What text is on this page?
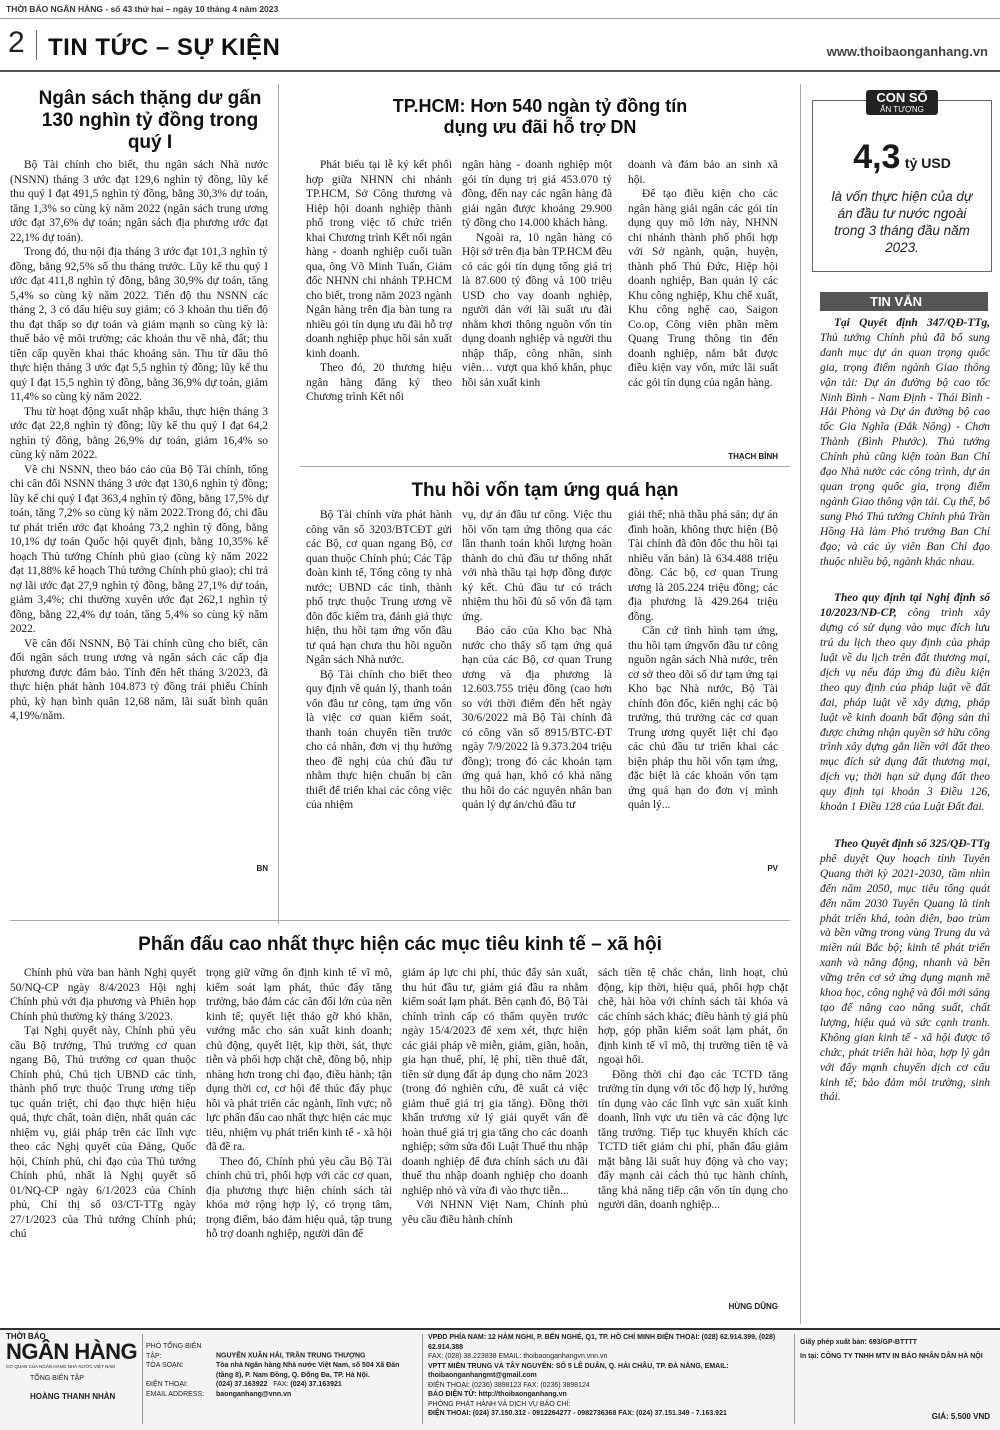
THỜI BÁO NGÂN HÀNG - số 43 thứ hai – ngày 10 tháng 4 năm 2023
2 TIN TỨC – SỰ KIỆN	www.thoibaonganhang.vn
Ngân sách thặng dư gấn 130 nghìn tỷ đồng trong quý I

Bộ Tài chính cho biết, thu ngân sách Nhà nước (NSNN) tháng 3 ước đạt 129,6 nghìn tỷ đồng, lũy kế thu quý I đạt 491,5 nghìn tỷ đồng, bằng 30,3% dự toán, tăng 1,3% so cùng kỳ năm 2022 (ngân sách trung ương ước đạt 37,6% dự toán; ngân sách địa phương ước đạt 22,1% dự toán).

Trong đó, thu nội địa tháng 3 ước đạt 101,3 nghìn tỷ đồng, bằng 92,5% số thu tháng trước. Lũy kế thu quý I ước đạt 411,8 nghìn tỷ đồng, bằng 30,9% dự toán, tăng 5,4% so cùng kỳ năm 2022. Tiến độ thu NSNN các tháng 2, 3 có dấu hiệu suy giảm; có 3 khoản thu tiến độ thu đạt thấp so dự toán và giảm mạnh so cùng kỳ là: thuế bảo vệ môi trường; các khoản thu về nhà, đất; thu tiền cấp quyền khai thác khoáng sản. Thu từ dầu thô thực hiện tháng 3 ước đạt 5,5 nghìn tỷ đồng; lũy kế thu quý I đạt 15,5 nghìn tỷ đồng, bằng 36,9% dự toán, giảm 11,4% so cùng kỳ năm 2022.

Thu từ hoạt động xuất nhập khẩu, thực hiện tháng 3 ước đạt 22,8 nghìn tỷ đồng; lũy kế thu quý I đạt 64,2 nghìn tỷ đồng, bằng 26,9% dự toán, giảm 16,4% so cùng kỳ năm 2022.

Về chi NSNN, theo báo cáo của Bộ Tài chính, tổng chi cân đối NSNN tháng 3 ước đạt 130,6 nghìn tỷ đồng; lũy kế chi quý I đạt 363,4 nghìn tỷ đồng, bằng 17,5% dự toán, tăng 7,2% so cùng kỳ năm 2022.Trong đó, chi đầu tư phát triển ước đạt khoảng 73,2 nghìn tỷ đồng, bằng 10,1% dự toán Quốc hội quyết định, bằng 10,35% kế hoạch Thủ tướng Chính phủ giao (cùng kỳ năm 2022 đạt 11,88% kế hoạch Thủ tướng Chính phủ giao); chi trả nợ lãi ước đạt 27,9 nghìn tỷ đồng, bằng 27,1% dự toán, giảm 3,4%; chi thường xuyên ước đạt 262,1 nghìn tỷ đồng, bằng 22,4% dự toán, tăng 5,4% so cùng kỳ năm 2022.

Về cân đối NSNN, Bộ Tài chính cũng cho biết, cân đối ngân sách trung ương và ngân sách các cấp địa phương được đảm bảo. Tính đến hết tháng 3/2023, đã thực hiện phát hành 104.873 tỷ đồng trái phiếu Chính phủ, kỳ hạn bình quân 12,68 năm, lãi suất bình quân 4,19%/năm.

BN
TP.HCM: Hơn 540 ngàn tỷ đồng tín dụng ưu đãi hỗ trợ DN

Phát biểu tại lễ ký kết phối hợp giữa NHNN chi nhánh TP.HCM, Sở Công thương và Hiệp hội doanh nghiệp thành phố trong việc tổ chức triển khai Chương trình Kết nối ngân hàng - doanh nghiệp cuối tuần qua, ông Võ Minh Tuấn, Giám đốc NHNN chi nhánh TP.HCM cho biết, trong năm 2023 ngành Ngân hàng trên địa bàn tung ra nhiều gói tín dụng ưu đãi hỗ trợ doanh nghiệp phục hồi sản xuất kinh doanh.

Theo đó, 20 thương hiệu ngân hàng đăng ký theo Chương trình Kết nối

ngân hàng - doanh nghiệp một gói tín dụng trị giá 453.070 tỷ đồng, đến nay các ngân hàng đã giải ngân được khoảng 29.900 tỷ đồng cho 14.000 khách hàng.

Ngoài ra, 10 ngân hàng có Hội sở trên địa bàn TP.HCM đều có các gói tín dụng tổng giá trị là 87.600 tỷ đồng và 100 triệu USD cho vay doanh nghiệp, người dân với lãi suất ưu đãi nhằm khơi thông nguồn vốn tín dụng doanh nghiệp và người thu nhập thấp, công nhân, sinh viên… vượt qua khó khăn, phục hồi sản xuất kinh

doanh và đảm bảo an sinh xã hội.

Để tạo điều kiện cho các ngân hàng giải ngân các gói tín dụng quy mô lớn này, NHNN chi nhánh thành phố phối hợp với Sở ngành, quận, huyện, thành phố Thủ Đức, Hiệp hội doanh nghiệp, Ban quản lý các Khu công nghiệp, Khu chế xuất, Khu công nghệ cao, Saigon Co.op, Công viên phần mềm Quang Trung thông tin đến doanh nghiệp, nắm bắt được điều kiện vay vốn, mức lãi suất các gói tín dụng của ngân hàng.

THẠCH BÌNH
CON SỐ
ẤN TƯỢNG
4,3 tỷ USD
là vốn thực hiện của dự án đầu tư nước ngoài trong 3 tháng đầu năm 2023.
Thu hồi vốn tạm ứng quá hạn

Bộ Tài chính vừa phát hành công văn số 3203/BTCĐT gửi các Bộ, cơ quan ngang Bộ, cơ quan thuộc Chính phủ; Các Tập đoàn kinh tế, Tổng công ty nhà nước; UBND các tỉnh, thành phố trực thuộc Trung ương về đôn đốc kiểm tra, đánh giá thực hiện, thu hồi tạm ứng vốn đầu tư quá hạn chưa thu hồi nguồn Ngân sách Nhà nước.

Bộ Tài chính cho biết theo quy định về quản lý, thanh toán vốn đầu tư công, tạm ứng vốn là việc cơ quan kiểm soát, thanh toán chuyển tiền trước cho cá nhân, đơn vị thụ hưởng theo đề nghị của chủ đầu tư nhằm thực hiện chuẩn bị cần thiết để triển khai các công việc của nhiệm

vụ, dự án đầu tư công. Việc thu hồi vốn tạm ứng thông qua các lần thanh toán khối lượng hoàn thành do chủ đầu tư thống nhất với nhà thầu tại hợp đồng được ký kết. Chủ đầu tư có trách nhiệm thu hồi đủ số vốn đã tạm ứng.

Báo cáo của Kho bạc Nhà nước cho thấy số tạm ứng quá hạn của các Bộ, cơ quan Trung ương và địa phương là 12.603.755 triệu đồng (cao hơn so với thời điểm đến hết ngày 30/6/2022 mà Bộ Tài chính đã có công văn số 8915/BTC-ĐT ngày 7/9/2022 là 9.373.204 triệu đồng); trong đó các khoản tạm ứng quá hạn, khó có khả năng thu hồi do các nguyên nhân ban quản lý dự án/chủ đầu tư

giải thể; nhà thầu phá sản; dự án đình hoãn, không thực hiện (Bộ Tài chính đã đôn đốc thu hồi tại nhiều văn bản) là 634.488 triệu đồng. Các bộ, cơ quan Trung ương là 205.224 triệu đồng; các địa phương là 429.264 triệu đồng.

Căn cứ tình hình tạm ứng, thu hồi tạm ứngvốn đầu tư công nguồn ngân sách Nhà nước, trên cơ sở theo dõi số dư tạm ứng tại Kho bạc Nhà nước, Bộ Tài chính đôn đốc, kiến nghị các bộ trưởng, thủ trưởng các cơ quan Trung ương quyết liệt chỉ đạo các chủ đầu tư triển khai các biện pháp thu hồi vốn tạm ứng, đặc biệt là các khoản vốn tạm ứng quá hạn do đơn vị mình quản lý...

PV
TIN VẮN

Tại Quyết định 347/QĐ-TTg, Thủ tướng Chính phủ đã bổ sung danh mục dự án quan trọng quốc gia, trọng điểm ngành Giao thông vận tải: Dự án đường bộ cao tốc Ninh Bình - Nam Định - Thái Bình - Hải Phòng và Dự án đường bộ cao tốc Gia Nghĩa (Đắk Nông) - Chơn Thành (Bình Phước). Thủ tướng Chính phủ cũng kiện toàn Ban Chỉ đạo Nhà nước các công trình, dự án quan trọng quốc gia, trọng điểm ngành Giao thông vận tải. Cụ thể, bổ sung Phó Thủ tướng Chính phủ Trần Hồng Hà làm Phó trưởng Ban Chỉ đạo; và các ủy viên Ban Chỉ đạo thuộc nhiều bộ, ngành khác nhau.

Theo quy định tại Nghị định số 10/2023/NĐ-CP, công trình xây dựng có sử dụng vào mục đích lưu trú du lịch theo quy định của pháp luật về du lịch trên đất thương mại, dịch vụ nếu đáp ứng đủ điều kiện theo quy định của pháp luật về đất đai, pháp luật về xây dựng, pháp luật về kinh doanh bất động sản thì được chứng nhận quyền sở hữu công trình xây dựng gắn liền với đất theo mục đích sử dụng đất thương mại, dịch vụ; thời hạn sử dụng đất theo quy định tại khoản 3 Điều 126, khoản 1 Điều 128 của Luật Đất đai.

Theo Quyết định số 325/QĐ-TTg phê duyệt Quy hoạch tỉnh Tuyên Quang thời kỳ 2021-2030, tầm nhìn đến năm 2050, mục tiêu tổng quát đến năm 2030 Tuyên Quang là tỉnh phát triển khá, toàn diện, bao trùm và bền vững trong vùng Trung du và miền núi Bắc bộ; kinh tế phát triển xanh và năng động, nhanh và bền vững trên cơ sở ứng dụng mạnh mẽ khoa học, công nghệ và đổi mới sáng tạo để nâng cao năng suất, chất lượng, hiệu quả và sức cạnh tranh. Không gian kinh tế - xã hội được tổ chức, phát triển hài hòa, hợp lý gắn với đẩy mạnh chuyển dịch cơ cấu kinh tế; bảo đảm môi trường, sinh thái.

Phấn đấu cao nhất thực hiện các mục tiêu kinh tế – xã hội

Chính phủ vừa ban hành Nghị quyết 50/NQ-CP ngày 8/4/2023 Hội nghị Chính phủ với địa phương và Phiên họp Chính phủ thường kỳ tháng 3/2023.

Tại Nghị quyết này, Chính phủ yêu cầu Bộ trưởng, Thủ trưởng cơ quan ngang Bộ, Thủ trưởng cơ quan thuộc Chính phủ, Chủ tịch UBND các tỉnh, thành phố trực thuộc Trung ương tiếp tục quán triệt, chỉ đạo thực hiện hiệu quả, thực chất, toàn diện, nhất quán các nhiệm vụ, giải pháp trên các lĩnh vực theo các Nghị quyết của Đảng, Quốc hội, Chính phủ, chỉ đạo của Thủ tướng Chính phủ, nhất là Nghị quyết số 01/NQ-CP ngày 6/1/2023 của Chính phủ, Chỉ thị số 03/CT-TTg ngày 27/1/2023 của Thủ tướng Chính phủ; chú

trọng giữ vững ổn định kinh tế vĩ mô, kiểm soát lạm phát, thúc đẩy tăng trưởng, bảo đảm các cân đối lớn của nền kinh tế; quyết liệt tháo gỡ khó khăn, vướng mắc cho sản xuất kinh doanh; chủ động, quyết liệt, kịp thời, sát, thực tiễn và phối hợp chặt chẽ, đồng bộ, nhịp nhàng hơn trong chỉ đạo, điều hành; tận dụng thời cơ, cơ hội để thúc đẩy phục hồi và phát triển các ngành, lĩnh vực; nỗ lực phấn đấu cao nhất thực hiện các mục tiêu, nhiệm vụ phát triển kinh tế - xã hội đã đề ra.

Theo đó, Chính phủ yêu cầu Bộ Tài chính chủ trì, phối hợp với các cơ quan, địa phương thực hiện chính sách tài khóa mở rộng hợp lý, có trọng tâm, trọng điểm, bảo đảm hiệu quả, tập trung hỗ trợ doanh nghiệp, người dân để

giảm áp lực chi phí, thúc đẩy sản xuất, thu hút đầu tư, giảm giá đầu ra nhằm kiểm soát lạm phát. Bên cạnh đó, Bộ Tài chính trình cấp có thẩm quyền trước ngày 15/4/2023 để xem xét, thực hiện các giải pháp về miễn, giảm, giãn, hoãn, gia hạn thuế, phí, lệ phí, tiền thuê đất, tiền sử dụng đất áp dụng cho năm 2023 (trong đó nghiên cứu, đề xuất cả việc giảm thuế giá trị gia tăng). Đồng thời khẩn trương xử lý giải quyết vấn đề hoàn thuế giá trị gia tăng cho các doanh nghiệp; sớm sửa đổi Luật Thuế thu nhập doanh nghiệp để đưa chính sách ưu đãi thuế thu nhập doanh nghiệp cho doanh nghiệp nhỏ và vừa đi vào thực tiễn...

Với NHNN Việt Nam, Chính phủ yêu cầu điều hành chính

sách tiền tệ chắc chắn, linh hoạt, chủ động, kịp thời, hiệu quả, phối hợp chặt chẽ, hài hòa với chính sách tài khóa và các chính sách khác; điều hành tỷ giá phù hợp, góp phần kiểm soát lạm phát, ổn định kinh tế vĩ mô, thị trường tiền tệ và ngoại hối.

Đồng thời chỉ đạo các TCTD tăng trưởng tín dụng với tốc độ hợp lý, hướng tín dụng vào các lĩnh vực sản xuất kinh doanh, lĩnh vực ưu tiên và các động lực tăng trưởng. Tiếp tục khuyến khích các TCTD tiết giảm chi phí, phấn đấu giảm mặt bằng lãi suất huy động và cho vay; đẩy mạnh cải cách thủ tục hành chính, tăng khả năng tiếp cận vốn tín dụng cho người dân, doanh nghiệp...

HÙNG DŨNG
THỜI BÁO
NGÂN HÀNG
CƠ QUAN CỦA NGÂN HÀNG NHÀ NƯỚC VIỆT NAM
TỔNG BIÊN TẬP
HOÀNG THANH NHÀN
PHÓ TỔNG BIÊN TẬP:	NGUYỄN XUÂN HẢI, TRẦN TRUNG THƯỢNG
TÒA SOẠN:	Tòa nhà Ngân hàng Nhà nước Việt Nam, số 504 Xã Đàn (tầng 8), P. Nam Đồng, Q. Đống Đa, TP. Hà Nội.
ĐIỆN THOẠI:	(024) 37.163922 FAX: (024) 37.163921
EMAIL ADDRESS: baonganhang@vnn.vn
VPĐD PHÍA NAM: 12 HÀM NGHI, P. BẾN NGHÉ, Q1, TP. HỒ CHÍ MINH ĐIỆN THOẠI: (028) 62.914.399, (028) 62.914.388
FAX: (028) 38.223838 EMAIL: thoibaonganhangvn.vnn.vn
VPTT MIỀN TRUNG VÀ TÂY NGUYÊN: SỐ 5 LÊ DUẨN, Q. HẢI CHÂU, TP. ĐÀ NẴNG, EMAIL: thoibaonganhangmt@gmail.com
ĐIỆN THOẠI: (0236) 3898123 FAX: (0236) 3898124
BÁO ĐIỆN TỬ: http://thoibaonganhang.vn
PHÒNG PHÁT HÀNH VÀ DỊCH VỤ BÁO CHÍ:
ĐIỆN THOẠI: (024) 37.150.312 - 0912264277 - 0982736368 FAX: (024) 37.151.349 - 7.163.921
Giấy phép xuất bản: 693/GP-BTTTT
In tại: CÔNG TY TNHH MTV IN BÁO NHÂN DÂN HÀ NỘI
GIÁ: 5.500 VND
